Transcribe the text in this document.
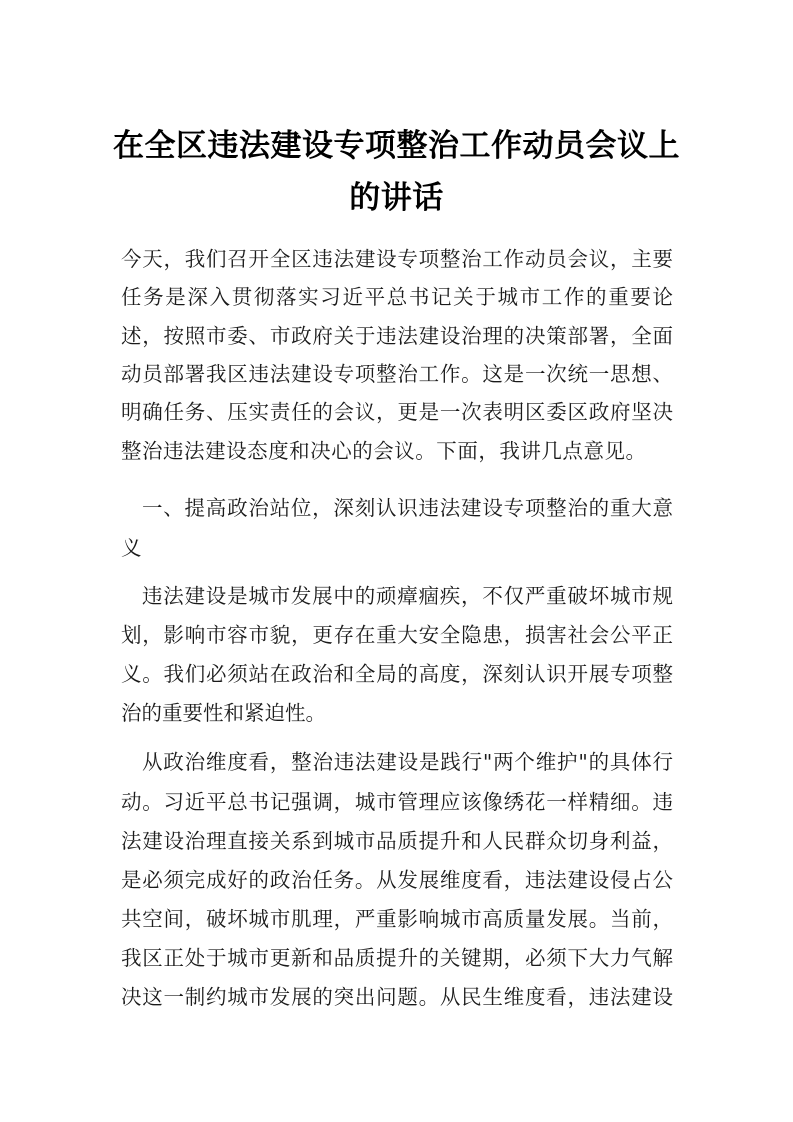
在全区违法建设专项整治工作动员会议上
的讲话

今天，我们召开全区违法建设专项整治工作动员会议，主要

任务是深入贯彻落实习近平总书记关于城市工作的重要论

述，按照市委、市政府关于违法建设治理的决策部署，全面

动员部署我区违法建设专项整治工作。这是一次统一思想、

明确任务、压实责任的会议，更是一次表明区委区政府坚决

整治违法建设态度和决心的会议。下面，我讲几点意见。

一、提高政治站位，深刻认识违法建设专项整治的重大意

义

违法建设是城市发展中的顽瘴痼疾，不仅严重破坏城市规

划，影响市容市貌，更存在重大安全隐患，损害社会公平正

义。我们必须站在政治和全局的高度，深刻认识开展专项整

治的重要性和紧迫性。

从政治维度看，整治违法建设是践行"两个维护"的具体行

动。习近平总书记强调，城市管理应该像绣花一样精细。违

法建设治理直接关系到城市品质提升和人民群众切身利益，

是必须完成好的政治任务。从发展维度看，违法建设侵占公

共空间，破坏城市肌理，严重影响城市高质量发展。当前，

我区正处于城市更新和品质提升的关键期，必须下大力气解

决这一制约城市发展的突出问题。从民生维度看，违法建设
